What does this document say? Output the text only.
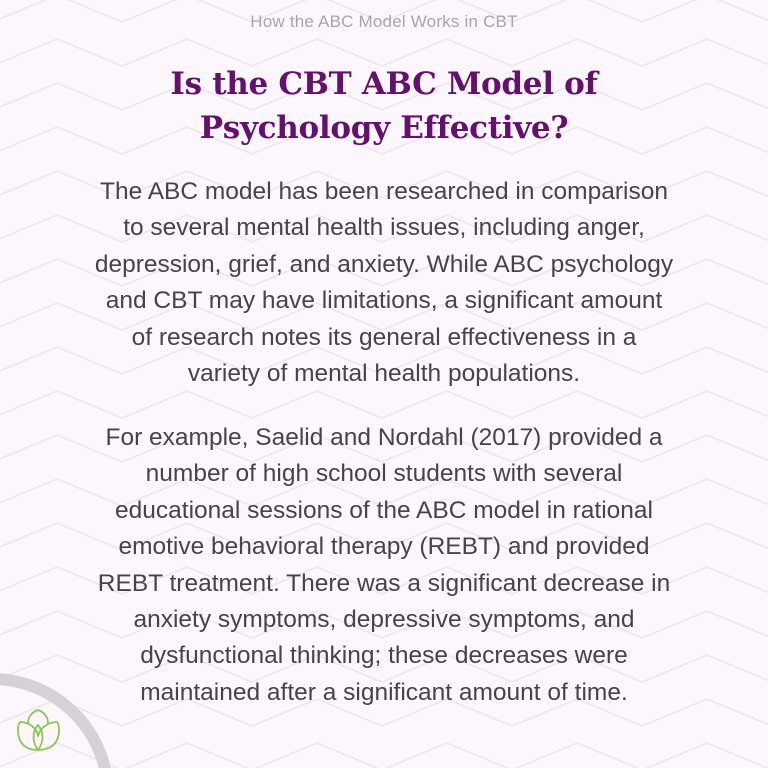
How the ABC Model Works in CBT
Is the CBT ABC Model of
Psychology Effective?
The ABC model has been researched in comparison
to several mental health issues, including anger,
depression, grief, and anxiety. While ABC psychology
and CBT may have limitations, a significant amount
of research notes its general effectiveness in a
variety of mental health populations.
For example, Saelid and Nordahl (2017) provided a
number of high school students with several
educational sessions of the ABC model in rational
emotive behavioral therapy (REBT) and provided
REBT treatment. There was a significant decrease in
anxiety symptoms, depressive symptoms, and
dysfunctional thinking; these decreases were
maintained after a significant amount of time.
